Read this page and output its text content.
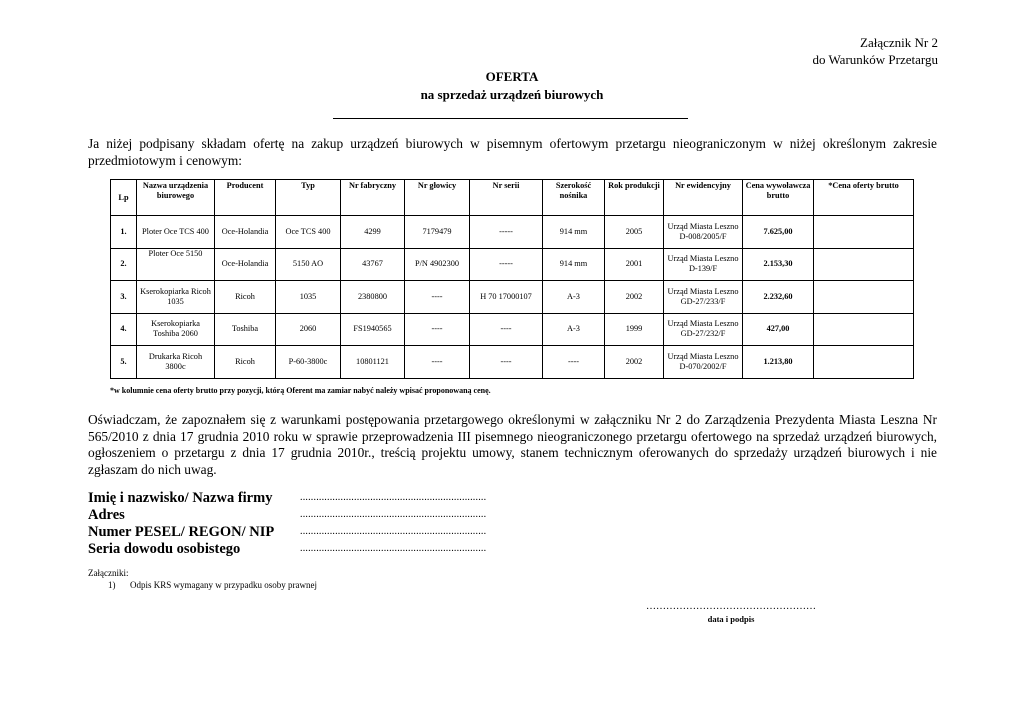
Załącznik Nr 2
do Warunków Przetargu
OFERTA
na sprzedaż urządzeń biurowych
Ja niżej podpisany składam ofertę na zakup urządzeń biurowych w pisemnym ofertowym przetargu nieograniczonym w niżej określonym zakresie przedmiotowym i cenowym:
Lp	Nazwa urządzenia biurowego	Producent	Typ	Nr fabryczny	Nr głowicy	Nr serii	Szerokość nośnika	Rok produkcji	Nr ewidencyjny	Cena wywoławcza brutto	*Cena oferty brutto
1.	Ploter Oce TCS 400	Oce-Holandia	Oce TCS 400	4299	7179479	-----	914 mm	2005	Urząd Miasta Leszno D-008/2005/F	7.625,00	
2.	Ploter Oce 5150	Oce-Holandia	5150 AO	43767	P/N 4902300	-----	914 mm	2001	Urząd Miasta Leszno D-139/F	2.153,30	
3.	Kserokopiarka Ricoh 1035	Ricoh	1035	2380800	----	H 70 17000107	A-3	2002	Urząd Miasta Leszno GD-27/233/F	2.232,60	
4.	Kserokopiarka Toshiba 2060	Toshiba	2060	FS1940565	----	----	A-3	1999	Urząd Miasta Leszno GD-27/232/F	427,00	
5.	Drukarka Ricoh 3800c	Ricoh	P-60-3800c	10801121	----	----	----	2002	Urząd Miasta Leszno D-070/2002/F	1.213,80	
*w kolumnie cena oferty brutto przy pozycji, którą Oferent ma zamiar nabyć należy wpisać proponowaną cenę.
Oświadczam, że zapoznałem się z warunkami postępowania przetargowego określonymi w załączniku Nr 2 do Zarządzenia Prezydenta Miasta Leszna Nr 565/2010 z dnia 17 grudnia 2010 roku w sprawie przeprowadzenia III pisemnego nieograniczonego przetargu ofertowego na sprzedaż urządzeń biurowych, ogłoszeniem o przetargu z dnia 17 grudnia 2010r., treścią projektu umowy, stanem technicznym oferowanych do sprzedaży urządzeń biurowych i nie zgłaszam do nich uwag.
Imię i nazwisko/ Nazwa firmy	.....................................................................
Adres	.....................................................................
Numer PESEL/ REGON/ NIP	.....................................................................
Seria dowodu osobistego	.....................................................................
Załączniki:
1) Odpis KRS wymagany w przypadku osoby prawnej
……………………………………………
data i podpis
